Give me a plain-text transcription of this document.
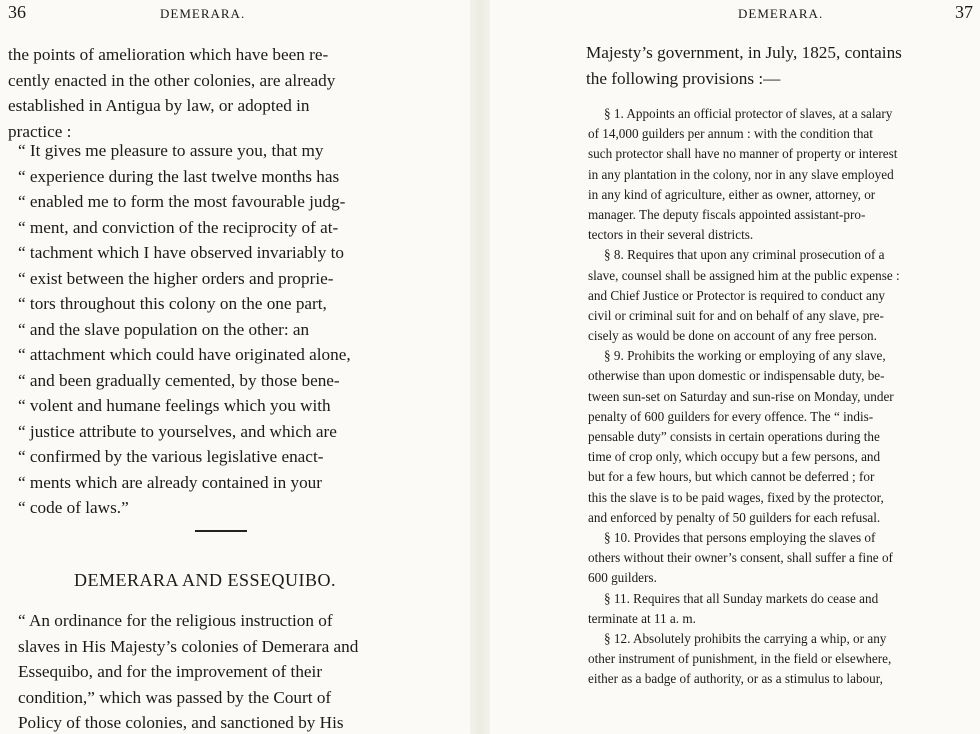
36	DEMERARA.
the points of amelioration which have been re-
cently enacted in the other colonies, are already
established in Antigua by law, or adopted in
practice :
“ It gives me pleasure to assure you, that my
“ experience during the last twelve months has
“ enabled me to form the most favourable judg-
“ ment, and conviction of the reciprocity of at-
“ tachment which I have observed invariably to
“ exist between the higher orders and proprie-
“ tors throughout this colony on the one part,
“ and the slave population on the other: an
“ attachment which could have originated alone,
“ and been gradually cemented, by those bene-
“ volent and humane feelings which you with
“ justice attribute to yourselves, and which are
“ confirmed by the various legislative enact-
“ ments which are already contained in your
“ code of laws.”
DEMERARA AND ESSEQUIBO.
“ An ordinance for the religious instruction of
slaves in His Majesty’s colonies of Demerara and
Essequibo, and for the improvement of their
condition,” which was passed by the Court of
Policy of those colonies, and sanctioned by His
DEMERARA.	37
Majesty’s government, in July, 1825, contains
the following provisions :—
§ 1. Appoints an official protector of slaves, at a salary
of 14,000 guilders per annum : with the condition that
such protector shall have no manner of property or interest
in any plantation in the colony, nor in any slave employed
in any kind of agriculture, either as owner, attorney, or
manager. The deputy fiscals appointed assistant-pro-
tectors in their several districts.
§ 8. Requires that upon any criminal prosecution of a
slave, counsel shall be assigned him at the public expense :
and Chief Justice or Protector is required to conduct any
civil or criminal suit for and on behalf of any slave, pre-
cisely as would be done on account of any free person.
§ 9. Prohibits the working or employing of any slave,
otherwise than upon domestic or indispensable duty, be-
tween sun-set on Saturday and sun-rise on Monday, under
penalty of 600 guilders for every offence. The “ indis-
pensable duty” consists in certain operations during the
time of crop only, which occupy but a few persons, and
but for a few hours, but which cannot be deferred ; for
this the slave is to be paid wages, fixed by the protector,
and enforced by penalty of 50 guilders for each refusal.
§ 10. Provides that persons employing the slaves of
others without their owner’s consent, shall suffer a fine of
600 guilders.
§ 11. Requires that all Sunday markets do cease and
terminate at 11 a. m.
§ 12. Absolutely prohibits the carrying a whip, or any
other instrument of punishment, in the field or elsewhere,
either as a badge of authority, or as a stimulus to labour,
